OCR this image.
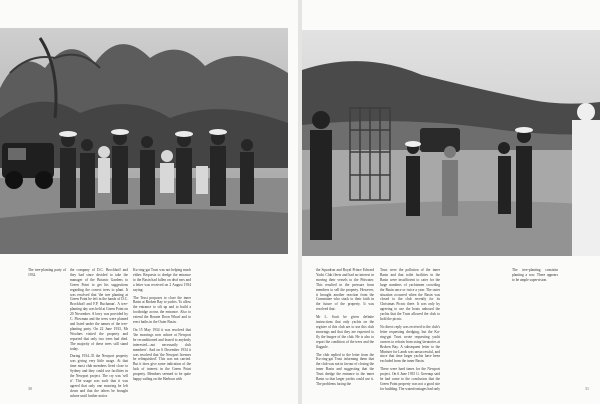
The tree-planting party of 1932.

the company of D.C. Brockhoff and they had since decided to take the manager of the Botanic Gardens to Green Point to get his suggestions regarding the correct trees to plant. It was resolved that 'the tree planting at Green Point be left in the hands of D.C. Brockhoff and F.P. Buchanan'. A tree-planting day was held at Green Point on 20 November. A lorry was provided by C. Plowman and the trees were planted and listed under the names of the tree-planting party. On 22 June 1933, Mr Woolnes visited the property and reported that only two trees had died. The majority of these trees still stand today.

During 1934–35 the Newport property was giving very little usage. At that time most club members lived close to Sydney and they could use facilities in the Newport project. The cry was 'sell it'. The usage was such that it was agreed that only one mooring be left down and that the others be brought ashore until further notice.

Ku-ring-gai Trust was not helping much either. Requests to dredge the entrance to the Basin had fallen on deaf ears and a letter was received on 2 August 1934 saying:

The Trust proposes to close the inner Basin at Broken Bay to yachts. To allow the entrance to silt up and to build a footbridge across the entrance. Also to extend the Bonnie Doon Wharf and to erect baths in the Outer Basin.

On 15 May 1934 it was resolved that 'the moorings now ashore at Newport be reconditioned and leased to anybody interested—not necessarily club members'. And on 6 December 1934 it was resolved that 'the Newport licenses be relinquished'. This was not carried. But it does give some indication of the lack of interest in the Green Point property. Members seemed to be quite happy sailing on the Harbour with

30

the Squadron and Royal Prince Edward Yacht Club fleets and had no interest in moving their vessels to the Pittwater. This resulted in the pressure from members to sell the property. However, it brought another reaction from the Committee who stuck to their faith in the future of the property. It was resolved that:

Mr L. Scott be given definite instructions that only yachts on the register of this club are to use this club moorings and that they are expected to fly the burgee of the club. He is also to report the condition of the trees and the flagpole.

The club replied to the letter from the Ku-ring-gai Trust informing them that the club was not in favour of closing the inner Basin and suggesting that the Trust dredge the entrance to the inner Basin so that larger yachts could use it. The problems facing the

Trust were the pollution of the inner Basin and that toilet facilities in the Basin were insufficient to cater for the large numbers of yachtsmen crowding the Basin once or twice a year. The outer situation occurred when the Basin was closed to the club recently for its Christmas Picnic there. It was only by agreeing to use the boats onboard the yachts that the Trust allowed the club to hold the picnic.

No direct reply was received to the club's letter requesting dredging, but the Ku-ring-gai Trust wrote requesting yacht owners to refrain from using lavatories at Broken Bay. A subsequent letter to the Minister for Lands was unsuccessful, and since that time larger yachts have been excluded from the inner Basin.

These were hard times for the Newport project. On 6 June 1935 G. Greenup said he had come to the conclusion that the Green Point property was not a good site for building. The waterfrontages had only

The tree-planting consistin planting a row. There appears to be ample supervision.
31
